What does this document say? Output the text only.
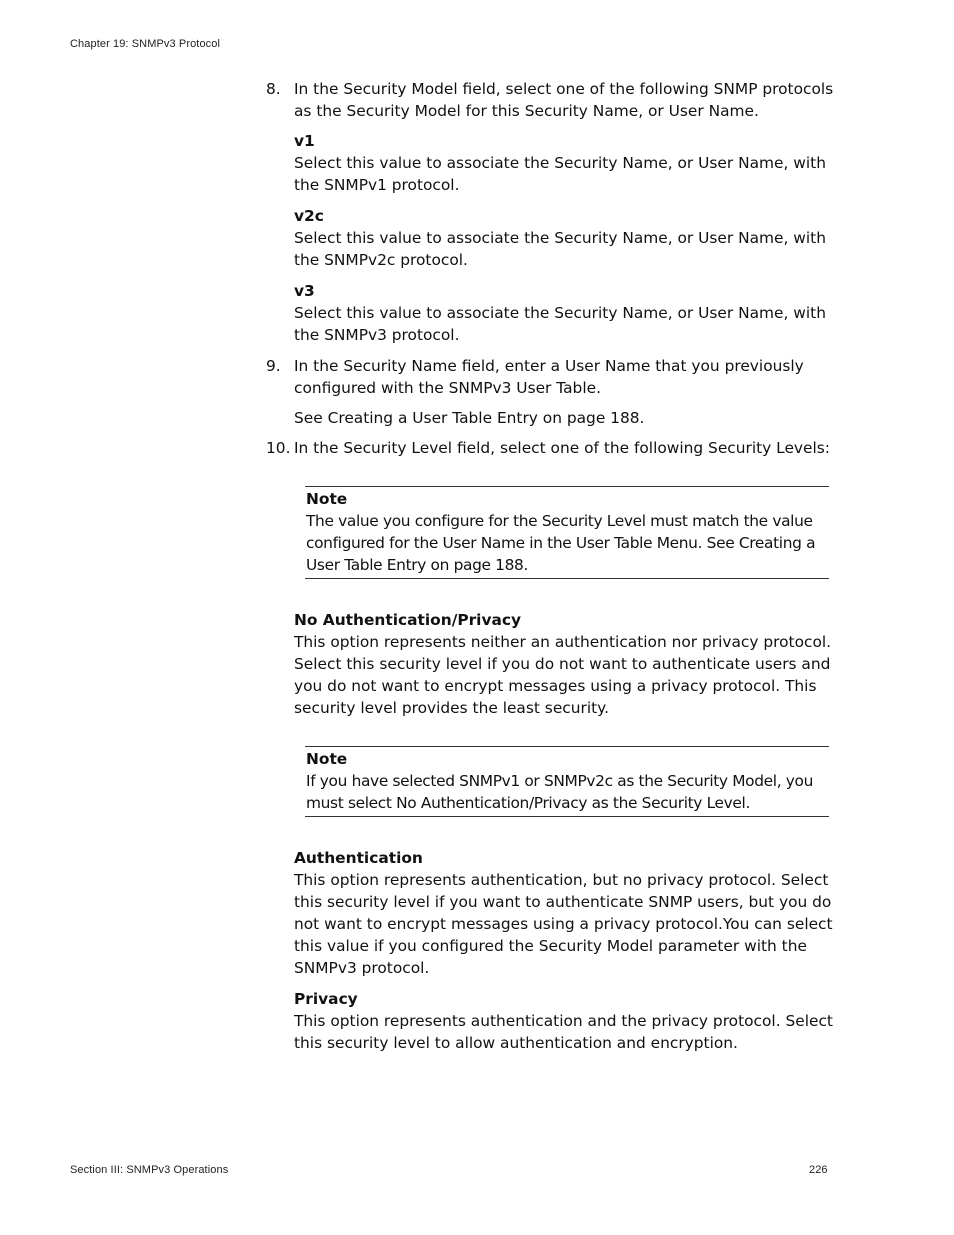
Chapter 19: SNMPv3 Protocol
8. In the Security Model field, select one of the following SNMP protocols as the Security Model for this Security Name, or User Name.
v1
Select this value to associate the Security Name, or User Name, with the SNMPv1 protocol.
v2c
Select this value to associate the Security Name, or User Name, with the SNMPv2c protocol.
v3
Select this value to associate the Security Name, or User Name, with the SNMPv3 protocol.
9. In the Security Name field, enter a User Name that you previously configured with the SNMPv3 User Table.
See Creating a User Table Entry on page 188.
10. In the Security Level field, select one of the following Security Levels:
Note
The value you configure for the Security Level must match the value configured for the User Name in the User Table Menu. See Creating a User Table Entry on page 188.
No Authentication/Privacy
This option represents neither an authentication nor privacy protocol. Select this security level if you do not want to authenticate users and you do not want to encrypt messages using a privacy protocol. This security level provides the least security.
Note
If you have selected SNMPv1 or SNMPv2c as the Security Model, you must select No Authentication/Privacy as the Security Level.
Authentication
This option represents authentication, but no privacy protocol. Select this security level if you want to authenticate SNMP users, but you do not want to encrypt messages using a privacy protocol.You can select this value if you configured the Security Model parameter with the SNMPv3 protocol.
Privacy
This option represents authentication and the privacy protocol. Select this security level to allow authentication and encryption.
Section III: SNMPv3 Operations	226
